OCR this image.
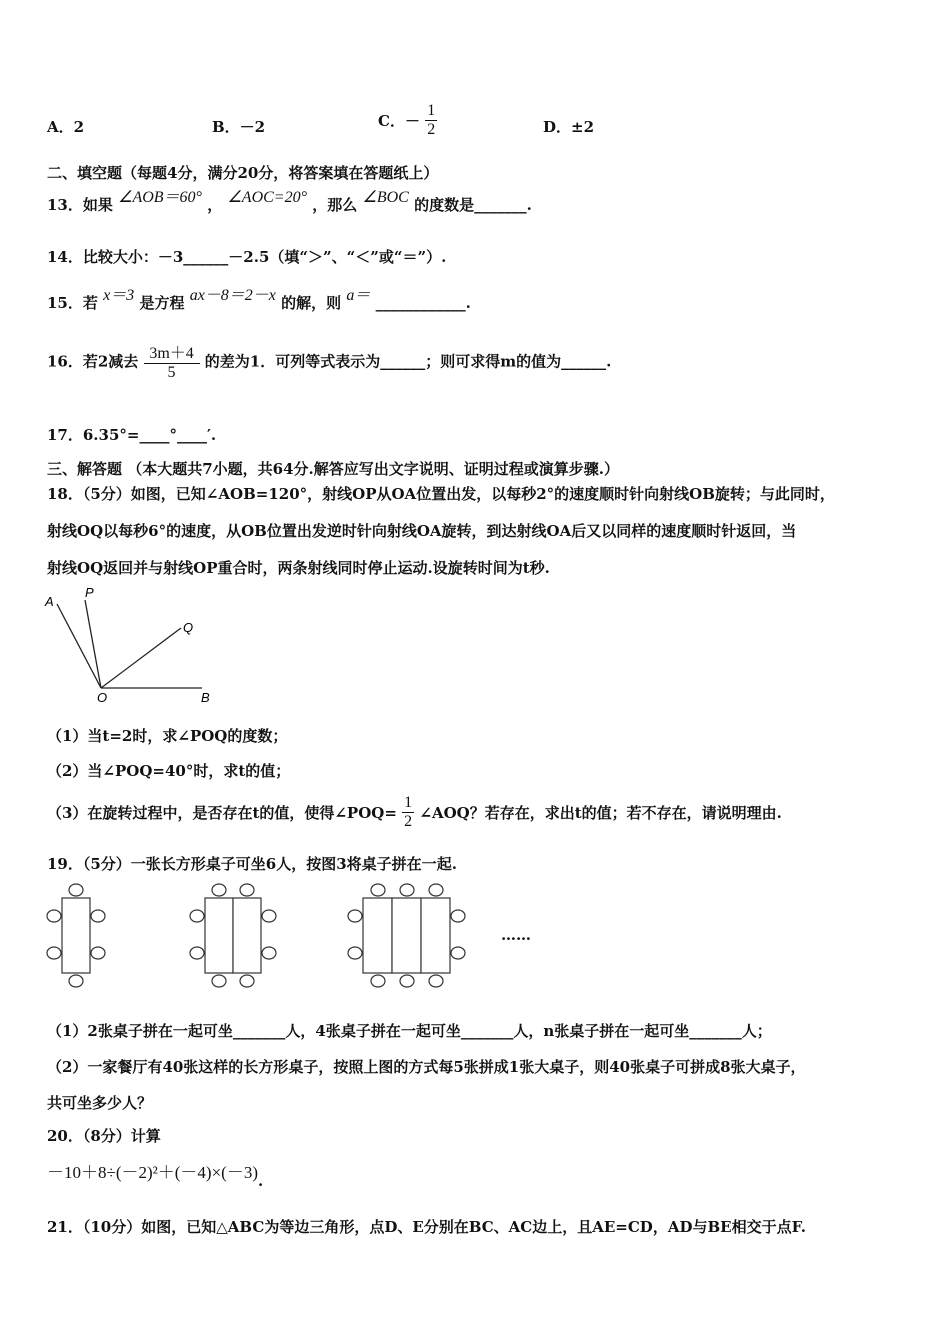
A．2	B．－2	C．－ $\frac{1}{2}$	D．±2
二、填空题（每题4分，满分20分，将答案填在答题纸上）
13．如果 ∠AOB＝60° ， ∠AOC=20° ，那么 ∠BOC 的度数是_______.
14．比较大小：－3______－2.5（填“＞”、“＜”或“＝”）.
15．若 x＝3 是方程 ax－8＝2－x 的解，则 a＝ ____________.
16．若2减去 $\frac{3m+4}{5}$ 的差为1．可列等式表示为______；则可求得m的值为______.
17．6.35°=____°____′.
三、解答题 （本大题共7小题，共64分.解答应写出文字说明、证明过程或演算步骤.）
18．（5分）如图，已知∠AOB=120°，射线OP从OA位置出发，以每秒2°的速度顺时针向射线OB旋转；与此同时，
射线OQ以每秒6°的速度，从OB位置出发逆时针向射线OA旋转，到达射线OA后又以同样的速度顺时针返回，当
射线OQ返回并与射线OP重合时，两条射线同时停止运动.设旋转时间为t秒.
A
P
Q
O	B
（1）当t=2时，求∠POQ的度数；
（2）当∠POQ=40°时，求t的值；
（3）在旋转过程中，是否存在t的值，使得∠POQ= $\frac{1}{2}$ ∠AOQ？若存在，求出t的值；若不存在，请说明理由.
19．（5分）一张长方形桌子可坐6人，按图3将桌子拼在一起.
……
（1）2张桌子拼在一起可坐_______人，4张桌子拼在一起可坐_______人，n张桌子拼在一起可坐_______人；
（2）一家餐厅有40张这样的长方形桌子，按照上图的方式每5张拼成1张大桌子，则40张桌子可拼成8张大桌子，
共可坐多少人？
20．（8分）计算
－10＋8÷(－2)²＋(－4)×(－3).
21．（10分）如图，已知△ABC为等边三角形，点D、E分别在BC、AC边上，且AE=CD，AD与BE相交于点F.
